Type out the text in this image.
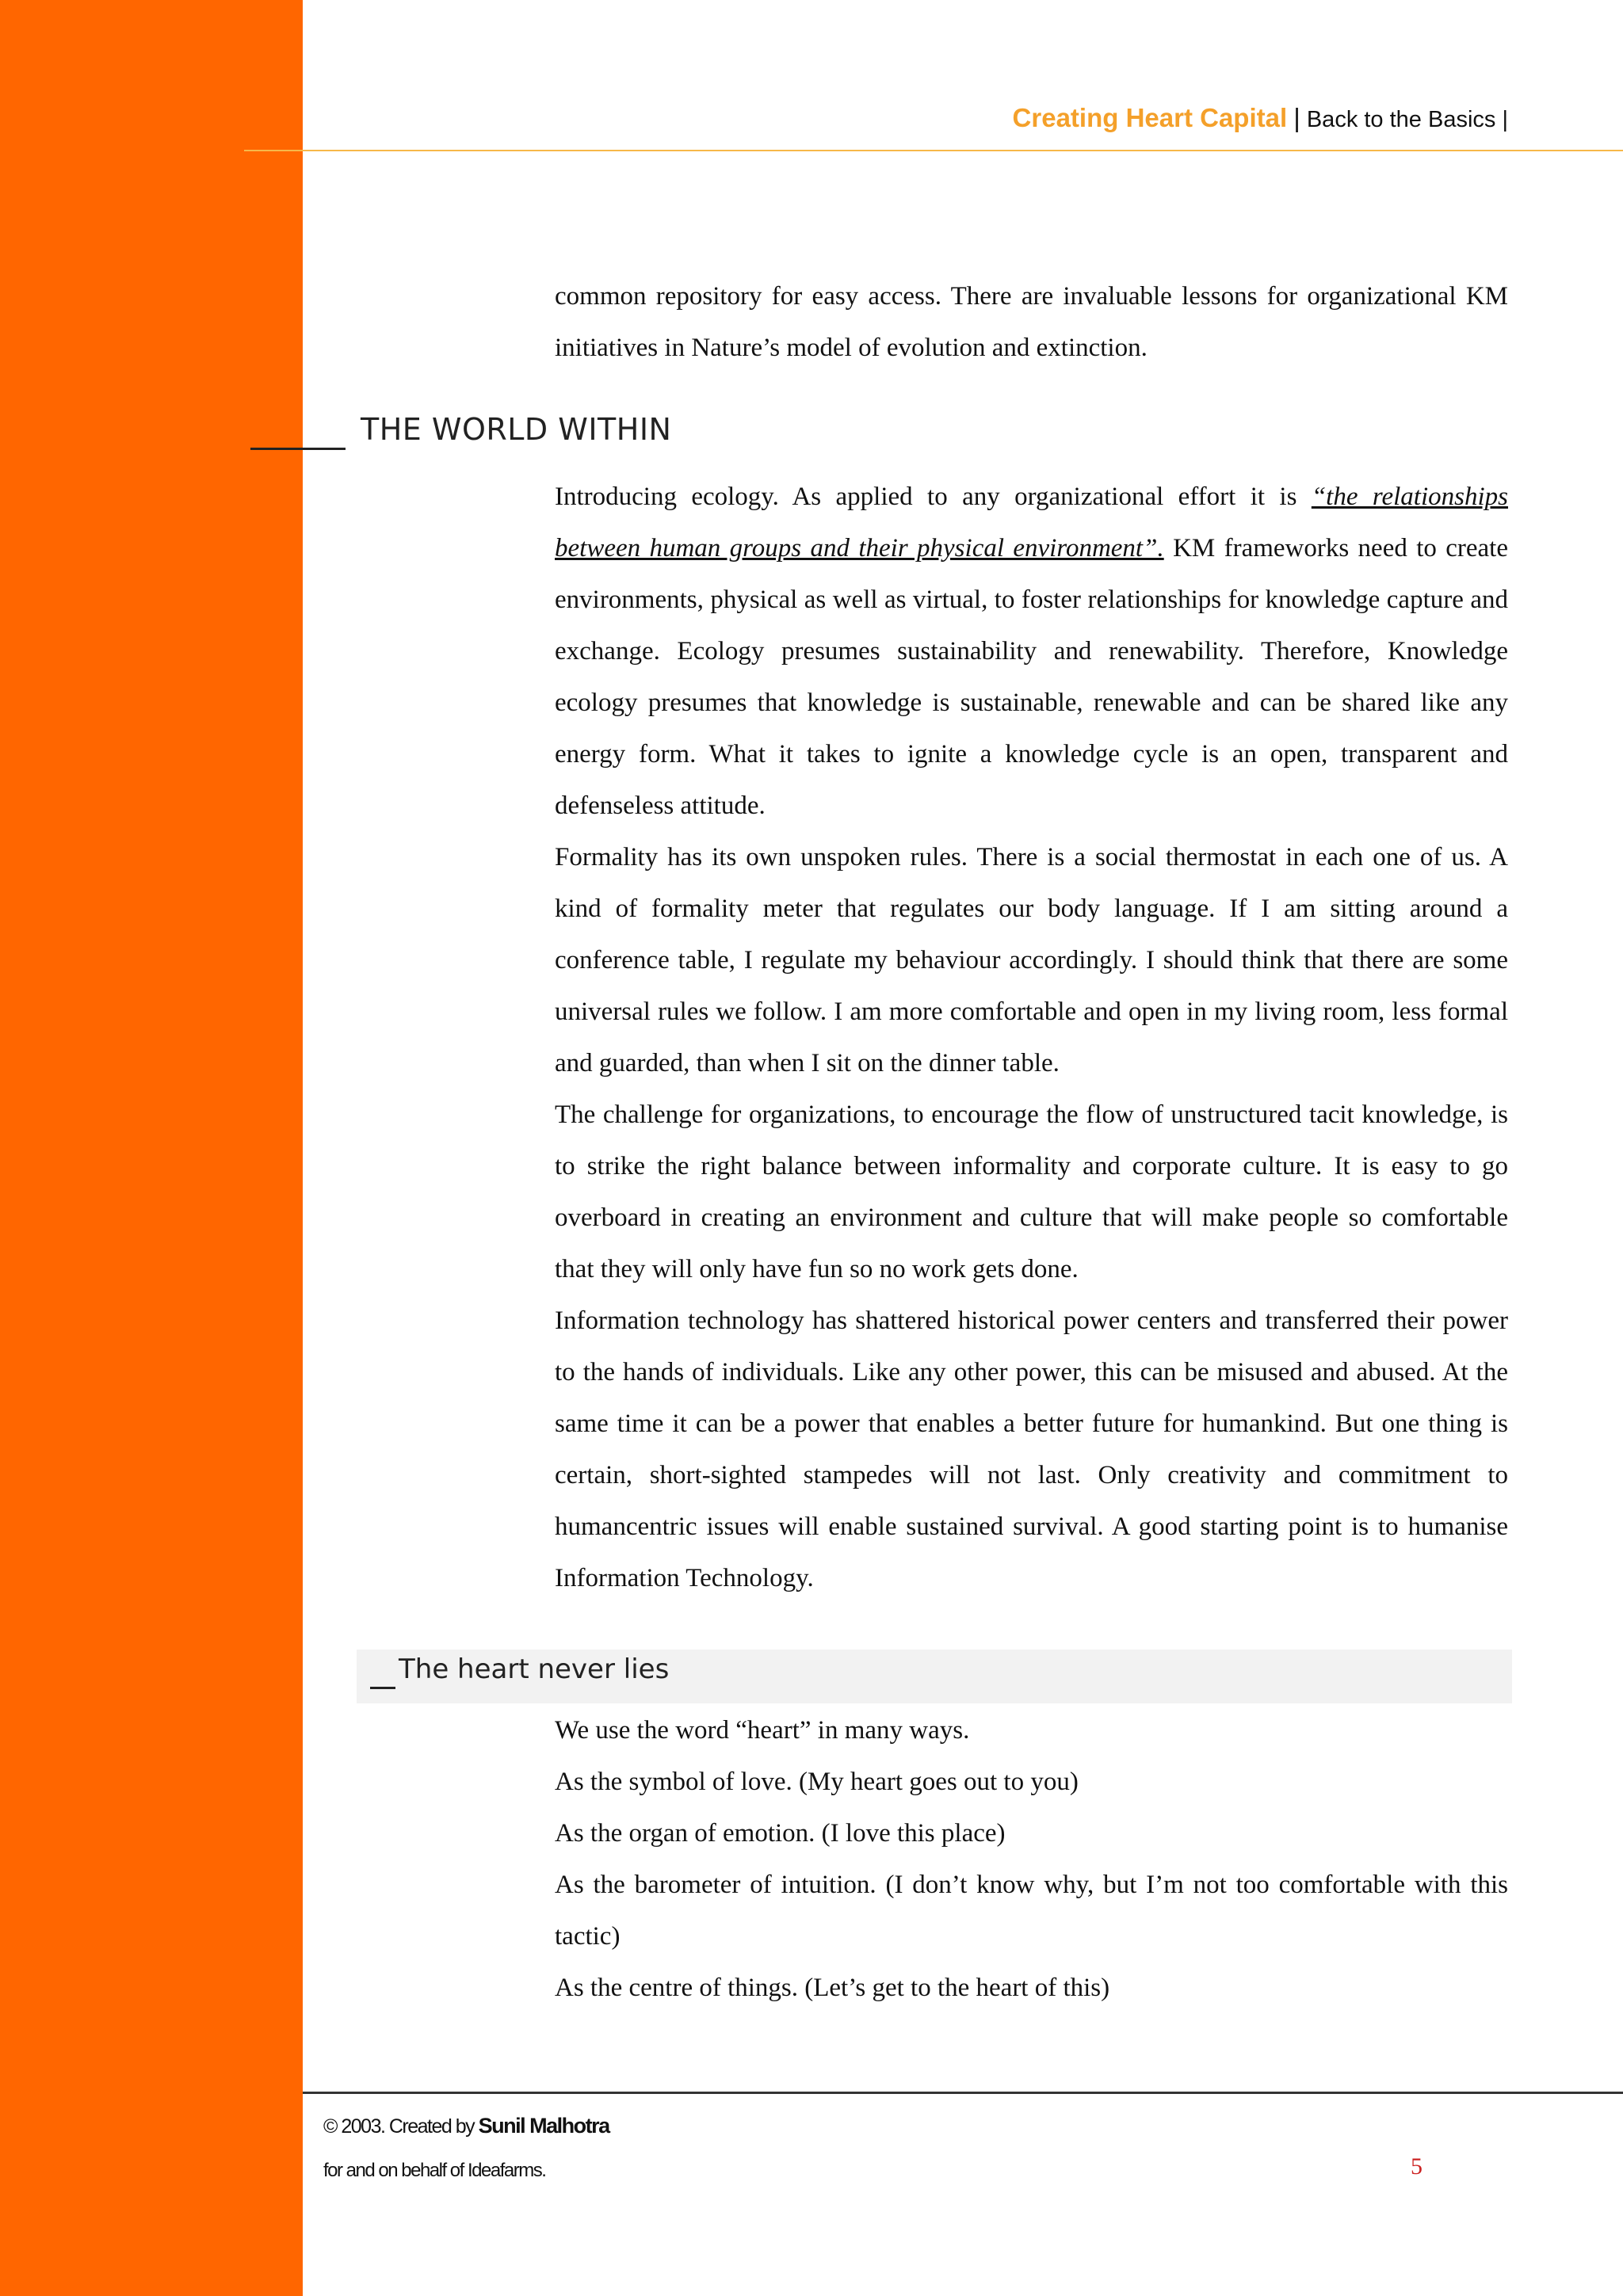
Creating Heart Capital | Back to the Basics |

common repository for easy access. There are invaluable lessons for organizational KM initiatives in Nature’s model of evolution and extinction.

THE WORLD WITHIN

Introducing ecology. As applied to any organizational effort it is “the relationships between human groups and their physical environment”. KM frameworks need to create environments, physical as well as virtual, to foster relationships for knowledge capture and exchange. Ecology presumes sustainability and renewability. Therefore, Knowledge ecology presumes that knowledge is sustainable, renewable and can be shared like any energy form. What it takes to ignite a knowledge cycle is an open, transparent and defenseless attitude.

Formality has its own unspoken rules. There is a social thermostat in each one of us. A kind of formality meter that regulates our body language. If I am sitting around a conference table, I regulate my behaviour accordingly. I should think that there are some universal rules we follow. I am more comfortable and open in my living room, less formal and guarded, than when I sit on the dinner table.

The challenge for organizations, to encourage the flow of unstructured tacit knowledge, is to strike the right balance between informality and corporate culture. It is easy to go overboard in creating an environment and culture that will make people so comfortable that they will only have fun so no work gets done.

Information technology has shattered historical power centers and transferred their power to the hands of individuals. Like any other power, this can be misused and abused. At the same time it can be a power that enables a better future for humankind. But one thing is certain, short-sighted stampedes will not last. Only creativity and commitment to humancentric issues will enable sustained survival. A good starting point is to humanise Information Technology.

The heart never lies

We use the word “heart” in many ways.

As the symbol of love. (My heart goes out to you)

As the organ of emotion. (I love this place)

As the barometer of intuition. (I don’t know why, but I’m not too comfortable with this tactic)

As the centre of things. (Let’s get to the heart of this)

© 2003. Created by Sunil Malhotra
for and on behalf of Ideafarms.	5
